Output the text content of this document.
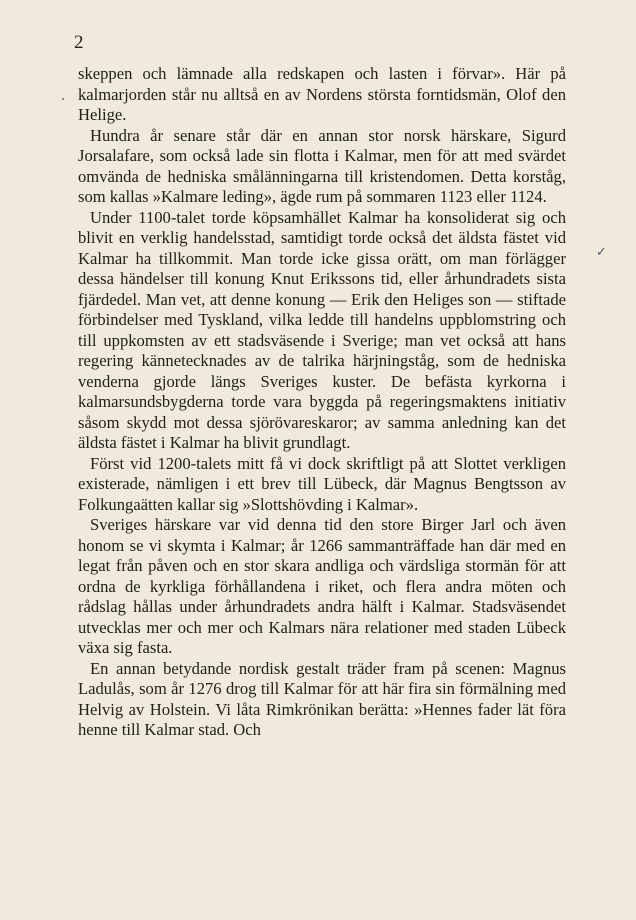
2
✓

skeppen och lämnade alla redskapen och lasten i förvar». Här på kalmarjorden står nu alltså en av Nordens största forntidsmän, Olof den Helige.

Hundra år senare står där en annan stor norsk härskare, Sigurd Jorsalafare, som också lade sin flotta i Kalmar, men för att med svärdet omvända de hedniska smålänningarna till kristendomen. Detta korståg, som kallas »Kalmare leding», ägde rum på sommaren 1123 eller 1124.

Under 1100-talet torde köpsamhället Kalmar ha konsoliderat sig och blivit en verklig handelsstad, samtidigt torde också det äldsta fästet vid Kalmar ha tillkommit. Man torde icke gissa orätt, om man förlägger dessa händelser till konung Knut Erikssons tid, eller århundradets sista fjärdedel. Man vet, att denne konung — Erik den Heliges son — stiftade förbindelser med Tyskland, vilka ledde till handelns uppblomstring och till uppkomsten av ett stadsväsende i Sverige; man vet också att hans regering kännetecknades av de talrika härjningståg, som de hedniska venderna gjorde längs Sveriges kuster. De befästa kyrkorna i kalmarsundsbygderna torde vara byggda på regeringsmaktens initiativ såsom skydd mot dessa sjörövareskaror; av samma anledning kan det äldsta fästet i Kalmar ha blivit grundlagt.

Först vid 1200-talets mitt få vi dock skriftligt på att Slottet verkligen existerade, nämligen i ett brev till Lübeck, där Magnus Bengtsson av Folkungaätten kallar sig »Slottshövding i Kalmar».

Sveriges härskare var vid denna tid den store Birger Jarl och även honom se vi skymta i Kalmar; år 1266 sammanträffade han där med en legat från påven och en stor skara andliga och värdsliga stormän för att ordna de kyrkliga förhållandena i riket, och flera andra möten och rådslag hållas under århundradets andra hälft i Kalmar. Stadsväsendet utvecklas mer och mer och Kalmars nära relationer med staden Lübeck växa sig fasta.

En annan betydande nordisk gestalt träder fram på scenen: Magnus Ladulås, som år 1276 drog till Kalmar för att här fira sin förmälning med Helvig av Holstein. Vi låta Rimkrönikan berätta: »Hennes fader lät föra henne till Kalmar stad. Och
